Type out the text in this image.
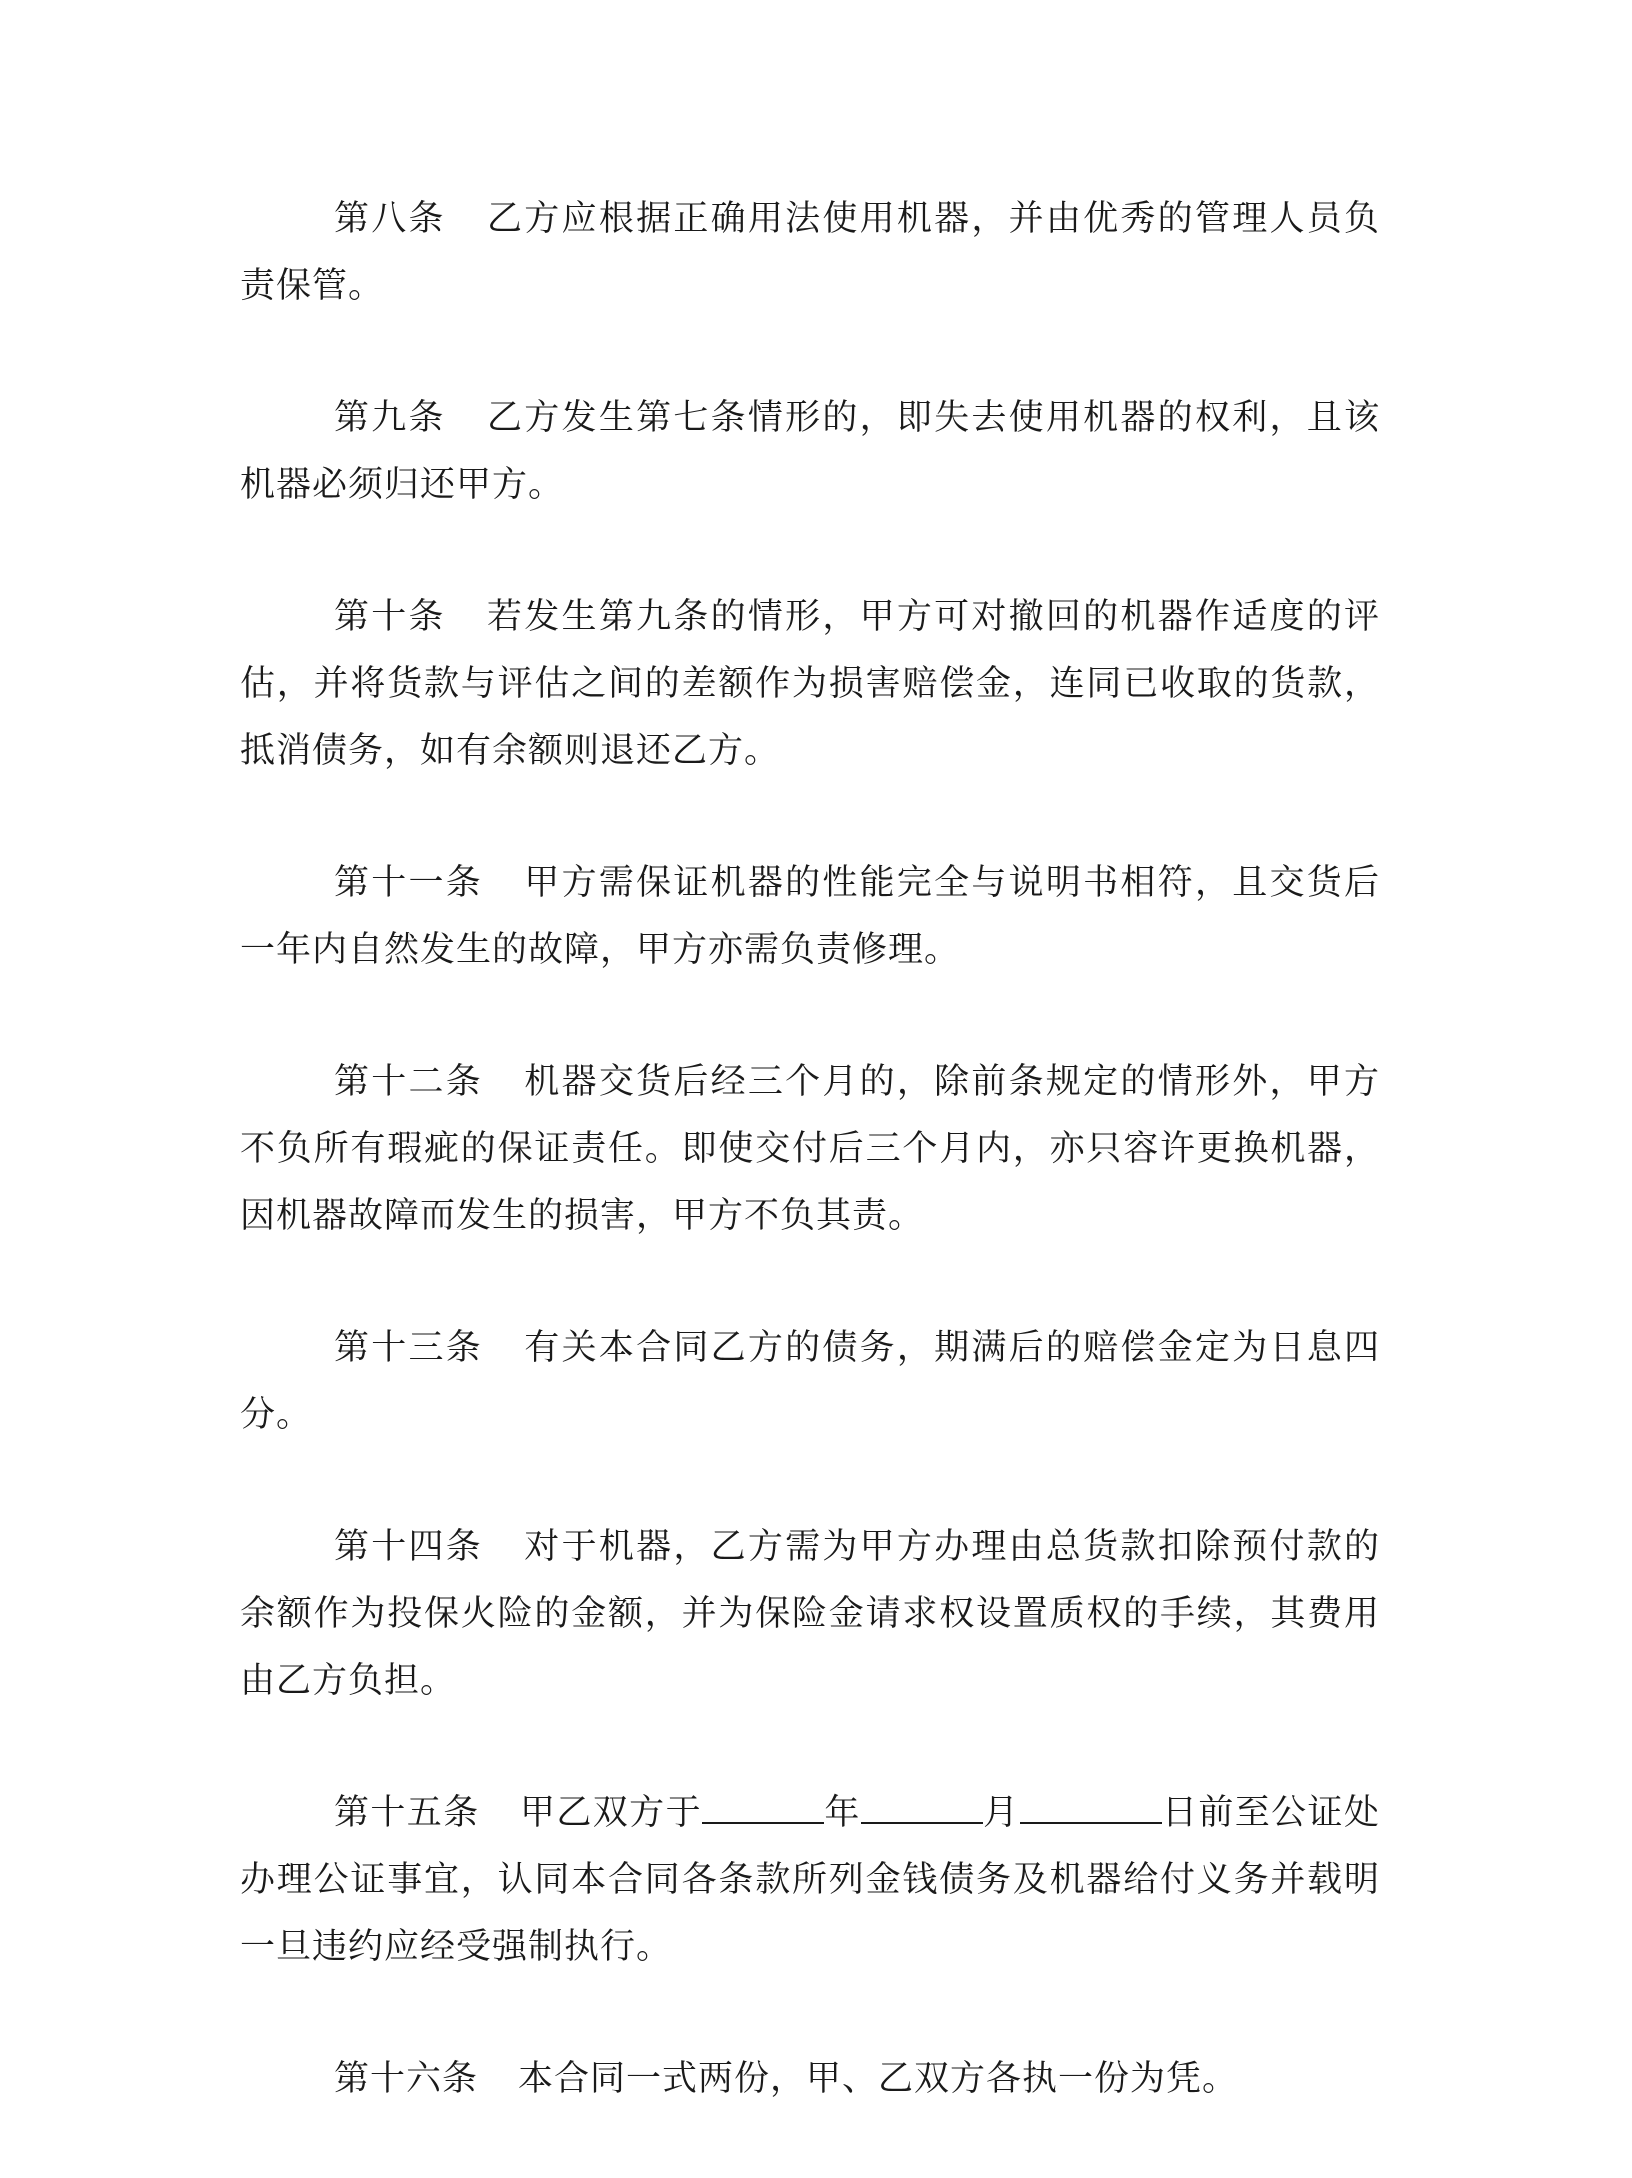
第八条 乙方应根据正确用法使用机器，并由优秀的管理人员负责保管。

第九条 乙方发生第七条情形的，即失去使用机器的权利，且该机器必须归还甲方。

第十条 若发生第九条的情形，甲方可对撤回的机器作适度的评估，并将货款与评估之间的差额作为损害赔偿金，连同已收取的货款，抵消债务，如有余额则退还乙方。

第十一条 甲方需保证机器的性能完全与说明书相符，且交货后一年内自然发生的故障，甲方亦需负责修理。

第十二条 机器交货后经三个月的，除前条规定的情形外，甲方不负所有瑕疵的保证责任。即使交付后三个月内，亦只容许更换机器，因机器故障而发生的损害，甲方不负其责。

第十三条 有关本合同乙方的债务，期满后的赔偿金定为日息四分。

第十四条 对于机器，乙方需为甲方办理由总货款扣除预付款的余额作为投保火险的金额，并为保险金请求权设置质权的手续，其费用由乙方负担。

第十五条 甲乙双方于	年	月	日前至公证处办理公证事宜，认同本合同各条款所列金钱债务及机器给付义务并载明一旦违约应经受强制执行。

第十六条 本合同一式两份，甲、乙双方各执一份为凭。
